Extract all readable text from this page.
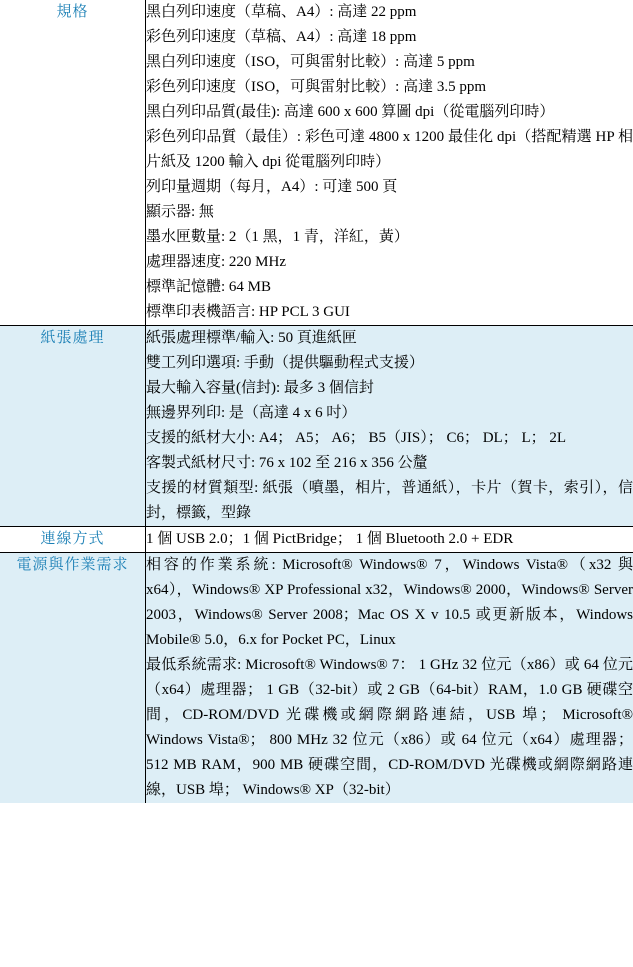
規格	黑白列印速度（草稿、A4）: 高達 22 ppm
彩色列印速度（草稿、A4）: 高達 18 ppm
黑白列印速度（ISO，可與雷射比較）: 高達 5 ppm
彩色列印速度（ISO，可與雷射比較）: 高達 3.5 ppm
黑白列印品質(最佳): 高達 600 x 600 算圖 dpi（從電腦列印時）
彩色列印品質（最佳）: 彩色可達 4800 x 1200 最佳化 dpi（搭配精選 HP 相片紙及 1200 輸入 dpi 從電腦列印時）
列印量週期（每月，A4）: 可達 500 頁
顯示器: 無
墨水匣數量: 2（1 黑，1 青，洋紅，黃）
處理器速度: 220 MHz
標準記憶體: 64 MB
標準印表機語言: HP PCL 3 GUI

紙張處理	紙張處理標準/輸入: 50 頁進紙匣
雙工列印選項: 手動（提供驅動程式支援）
最大輸入容量(信封): 最多 3 個信封
無邊界列印: 是（高達 4 x 6 吋）
支援的紙材大小: A4； A5； A6； B5（JIS）； C6； DL； L； 2L
客製式紙材尺寸: 76 x 102 至 216 x 356 公釐
支援的材質類型: 紙張（噴墨，相片，普通紙），卡片（賀卡，索引），信封，標籤，型錄

連線方式	1 個 USB 2.0；1 個 PictBridge； 1 個 Bluetooth 2.0 + EDR

電源與作業需求	相容的作業系統: Microsoft® Windows® 7，Windows Vista®（x32 與 x64），Windows® XP Professional x32，Windows® 2000，Windows® Server 2003，Windows® Server 2008；Mac OS X v 10.5 或更新版本，Windows Mobile® 5.0，6.x for Pocket PC，Linux
最低系統需求: Microsoft® Windows® 7： 1 GHz 32 位元（x86）或 64 位元（x64）處理器； 1 GB（32-bit）或 2 GB（64-bit）RAM，1.0 GB 硬碟空間，CD-ROM/DVD 光碟機或網際網路連結，USB 埠； Microsoft® Windows Vista®； 800 MHz 32 位元（x86）或 64 位元（x64）處理器； 512 MB RAM，900 MB 硬碟空間，CD-ROM/DVD 光碟機或網際網路連線，USB 埠； Windows® XP（32-bit）
